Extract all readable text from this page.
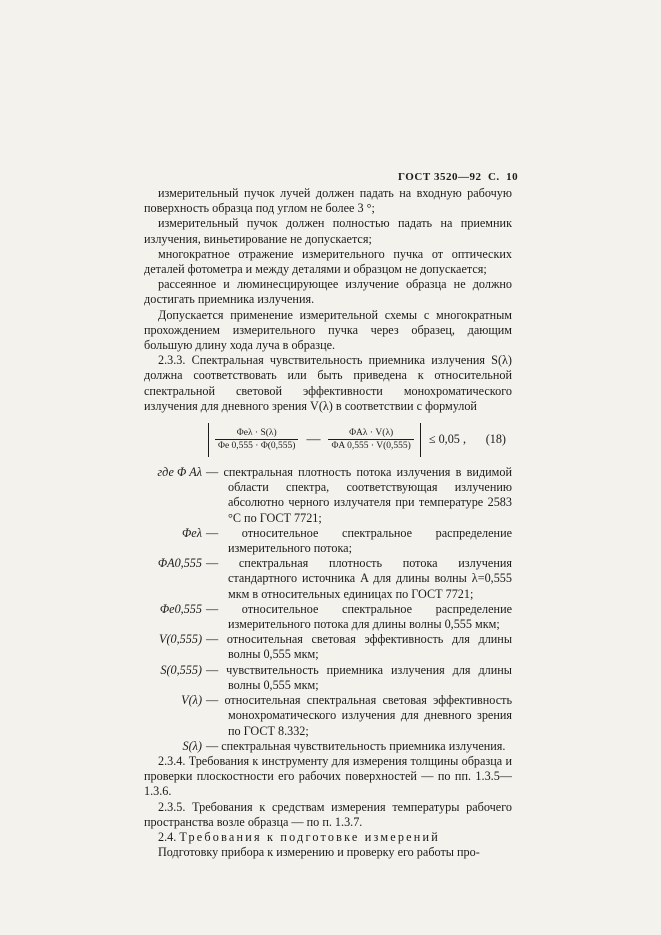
ГОСТ 3520—92 С. 10

измерительный пучок лучей должен падать на входную рабочую поверхность образца под углом не более 3 °;

измерительный пучок должен полностью падать на приемник излучения, виньетирование не допускается;

многократное отражение измерительного пучка от оптических деталей фотометра и между деталями и образцом не допускается;

рассеянное и люминесцирующее излучение образца не должно достигать приемника излучения.

Допускается применение измерительной схемы с многократным прохождением измерительного пучка через образец, дающим большую длину хода луча в образце.

2.3.3. Спектральная чувствительность приемника излучения S(λ) должна соответствовать или быть приведена к относительной спектральной световой эффективности монохроматического излучения для дневного зрения V(λ) в соответствии с формулой

$\frac{\text{Φeλ · S(λ)}}{\Phi e 0,555 \cdot \Phi(0,555)}$ — $\frac{\text{ΦAλ · V(λ)}}{\Phi A 0,555 \cdot V(0,555)} \le 0,05$ , (18)
где Φ Aλ — спектральная плотность потока излучения в видимой области спектра, соответствующая излучению абсолютно черного излучателя при температуре 2583 °С по ГОСТ 7721;
Φeλ — относительное спектральное распределение измерительного потока;
ΦA0,555 — спектральная плотность потока излучения стандартного источника A для длины волны λ=0,555 мкм в относительных единицах по ГОСТ 7721;
Φe0,555 — относительное спектральное распределение измерительного потока для длины волны 0,555 мкм;
V(0,555) — относительная световая эффективность для длины волны 0,555 мкм;
S(0,555) — чувствительность приемника излучения для длины волны 0,555 мкм;
V(λ) — относительная спектральная световая эффективность монохроматического излучения для дневного зрения по ГОСТ 8.332;
S(λ) — спектральная чувствительность приемника излучения.

2.3.4. Требования к инструменту для измерения толщины образца и проверки плоскостности его рабочих поверхностей — по пп. 1.3.5—1.3.6.

2.3.5. Требования к средствам измерения температуры рабочего пространства возле образца — по п. 1.3.7.

2.4. Требования к подготовке измерений

Подготовку прибора к измерению и проверку его работы про-
